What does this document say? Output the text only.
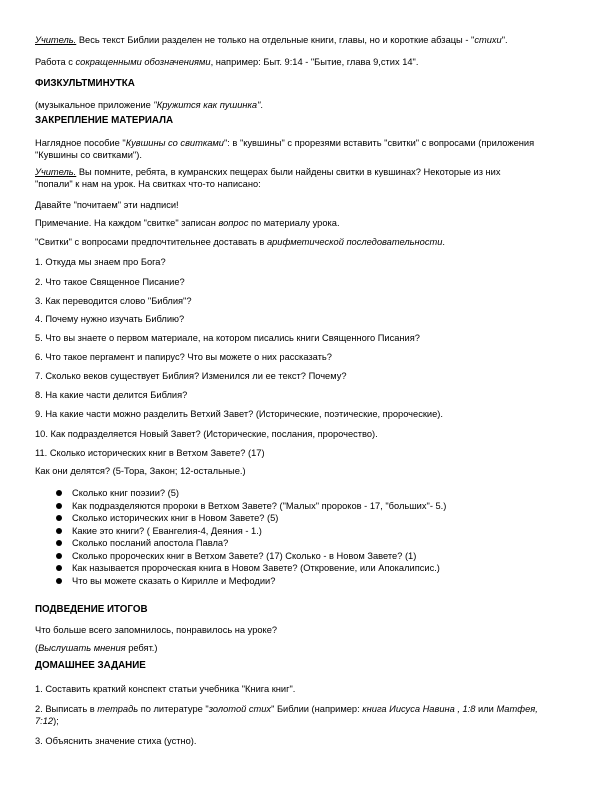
Учитель. Весь текст Библии разделен не только на отдельные книги, главы, но и короткие абзацы - "стихи".
Работа с сокращенными обозначениями, например: Быт. 9:14 - "Бытие, глава 9,стих 14".
ФИЗКУЛЬТМИНУТКА
(музыкальное приложение "Кружится как пушинка".
ЗАКРЕПЛЕНИЕ МАТЕРИАЛА
Наглядное пособие "Кувшины со свитками": в "кувшины" с прорезями вставить "свитки" с вопросами (приложения
"Кувшины со свитками").
Учитель. Вы помните, ребята, в кумранских пещерах были найдены свитки в кувшинах? Некоторые из них
"попали" к нам на урок. На свитках что-то написано:
Давайте "почитаем" эти надписи!
Примечание. На каждом "свитке" записан вопрос по материалу урока.
"Свитки" с вопросами предпочтительнее доставать в арифметической последовательности.
1. Откуда мы знаем про Бога?
2. Что такое Священное Писание?
3. Как переводится слово "Библия"?
4. Почему нужно изучать Библию?
5. Что вы знаете о первом материале, на котором писались книги Священного Писания?
6. Что такое пергамент и папирус? Что вы можете о них рассказать?
7. Сколько веков существует Библия? Изменился ли ее текст? Почему?
8. На какие части делится Библия?
9. На какие части можно разделить Ветхий Завет? (Исторические, поэтические, пророческие).
10. Как подразделяется Новый Завет? (Исторические, послания, пророчество).
11. Сколько исторических книг в Ветхом Завете? (17)
Как они делятся? (5-Тора, Закон; 12-остальные.)
Сколько книг поэзии? (5)
Как подразделяются пророки в Ветхом Завете? ("Малых" пророков - 17, "больших"- 5.)
Сколько исторических книг в Новом Завете? (5)
Какие это книги? ( Евангелия-4, Деяния - 1.)
Сколько посланий апостола Павла?
Сколько пророческих книг в Ветхом Завете? (17) Сколько - в Новом Завете? (1)
Как называется пророческая книга в Новом Завете? (Откровение, или Апокалипсис.)
Что вы можете сказать о Кирилле и Мефодии?
ПОДВЕДЕНИЕ ИТОГОВ
Что больше всего запомнилось, понравилось на уроке?
(Выслушать мнения ребят.)
ДОМАШНЕЕ ЗАДАНИЕ
1. Составить краткий конспект статьи учебника "Книга книг".
2. Выписать в тетрадь по литературе "золотой стих" Библии (например: книга Иисуса Навина , 1:8 или Матфея,
7:12);
3. Объяснить значение стиха (устно).
